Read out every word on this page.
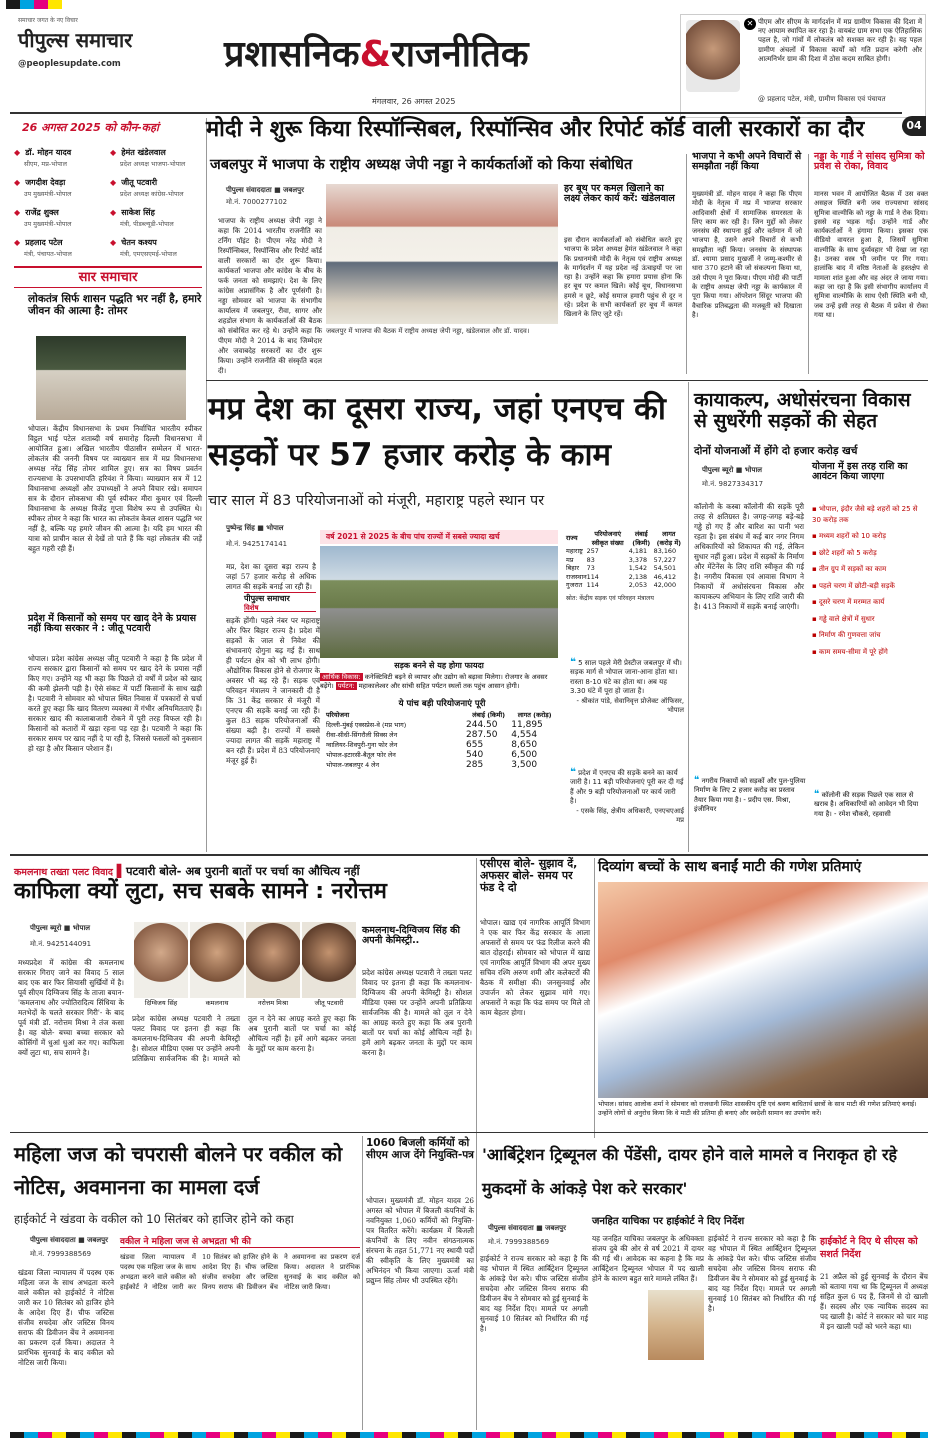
समाचार जगत के नए विचार
पीपुल्स समाचार
@peoplesupdate.com	प्रशासनिक&राजनीतिक
मंगलवार, 26 अगस्त 2025
✕ पीएम और सीएम के मार्गदर्शन में मप्र ग्रामीण विकास की दिशा में नए आयाम स्थापित कर रहा है। वायबंट ग्राम सभा एक ऐतिहासिक पहल है, जो गांवों में लोकतंत्र को सशक्त कर रही है। यह पहल ग्रामीण अंचलों में विकास कार्यों को गति प्रदान करेगी और आत्मनिर्भर ग्राम की दिशा में ठोस कदम साबित होगी।
@ प्रहलाद पटेल, मंत्री, ग्रामीण विकास एवं पंचायत
04
26 अगस्त 2025 को कौन-कहां
◆ डॉ. मोहन यादव
सीएम, मप्र-भोपाल
◆ हेमंत खंडेलवाल
प्रदेश अध्यक्ष भाजपा-भोपाल
◆ जगदीश देवड़ा
उप मुख्यमंत्री-भोपाल
◆ जीतू पटवारी
प्रदेश अध्यक्ष कांग्रेस-भोपाल
◆ राजेंद्र शुक्ल
उप मुख्यमंत्री-भोपाल
◆ साकेश सिंह
मंत्री, पीडब्ल्यूडी-भोपाल
◆ प्रहलाद पटेल
मंत्री, पंचायत-भोपाल
◆ चेतन कश्यप
मंत्री, एमएसएमई-भोपाल
सार समाचार
लोकतंत्र सिर्फ शासन पद्धति भर नहीं है, हमारे जीवन की आत्मा है: तोमर
भोपाल। केंद्रीय विधानसभा के प्रथम निर्वाचित भारतीय स्पीकर विट्ठल भाई पटेल शताब्दी वर्ष समारोह दिल्ली विधानसभा में आयोजित हुआ। अखिल भारतीय पीठासीन सम्मेलन में भारत-लोकतंत्र की जननी विषय पर व्याख्यान सत्र में मप्र विधानसभा अध्यक्ष नरेंद्र सिंह तोमर शामिल हुए। सत्र का विषय प्रवर्तन राज्यसभा के उपसभापति हरिवंश ने किया। व्याख्यान सत्र में 12 विधानसभा अध्यक्षों और उपाध्यक्षों ने अपने विचार रखे। समापन सत्र के दौरान लोकसभा की पूर्व स्पीकर मीरा कुमार एवं दिल्ली विधानसभा के अध्यक्ष विजेंद्र गुप्ता विशेष रूप से उपस्थित थे। स्पीकर तोमर ने कहा कि भारत का लोकतंत्र केवल शासन पद्धति भर नहीं है, बल्कि यह हमारे जीवन की आत्मा है। यदि हम भारत की यात्रा को प्राचीन काल से देखें तो पाते हैं कि यहां लोकतंत्र की जड़ें बहुत गहरी रही हैं।
प्रदेश में किसानों को समय पर खाद देने के प्रयास नहीं किया सरकार ने : जीतू पटवारी
भोपाल। प्रदेश कांग्रेस अध्यक्ष जीतू पटवारी ने कहा है कि प्रदेश में राज्य सरकार द्वारा किसानों को समय पर खाद देने के प्रयास नहीं किए गए। उन्होंने यह भी कहा कि पिछले दो वर्षों में प्रदेश को खाद की कमी झेलनी पड़ी है। ऐसे संकट में पार्टी किसानों के साथ खड़ी है। पटवारी ने सोमवार को भोपाल स्थित निवास में पत्रकारों से चर्चा करते हुए कहा कि खाद वितरण व्यवस्था में गंभीर अनियमितताएं हैं। सरकार खाद की कालाबाजारी रोकने में पूरी तरह विफल रही है। किसानों को कतारों में खड़ा रहना पड़ रहा है। पटवारी ने कहा कि सरकार समय पर खाद नहीं दे पा रही है, जिससे फसलों को नुकसान हो रहा है और किसान परेशान हैं।
मोदी ने शुरू किया रिस्पॉन्सिबल, रिस्पॉन्सिव और रिपोर्ट कॉर्ड वाली सरकारों का दौर
जबलपुर में भाजपा के राष्ट्रीय अध्यक्ष जेपी नड्डा ने कार्यकर्ताओं को किया संबोधित
पीपुल्स संवाददाता ■ जबलपुर
मो.नं. 7000277102
भाजपा के राष्ट्रीय अध्यक्ष जेपी नड्डा ने कहा कि 2014 भारतीय राजनीति का टर्निंग पॉइंट है। पीएम नरेंद्र मोदी ने रिस्पॉन्सिबल, रिस्पॉन्सिव और रिपोर्ट कॉर्ड वाली सरकारों का दौर शुरू किया। कार्यकर्ता भाजपा और कांग्रेस के बीच के फर्क जनता को समझाएं। देश के लिए कांग्रेस अप्रासंगिक है और पूर्णसंगी है। नड्डा सोमवार को भाजपा के संभागीय कार्यालय में जबलपुर, रीवा, सागर और शहडोल संभाग के कार्यकर्ताओं की बैठक को संबोधित कर रहे थे। उन्होंने कहा कि पीएम मोदी ने 2014 के बाद जिम्मेदार और जवाबदेह सरकारों का दौर शुरू किया। उन्होंने राजनीति की संस्कृति बदल दी।
जबलपुर में भाजपा की बैठक में राष्ट्रीय अध्यक्ष जेपी नड्डा, खंडेलवाल और डॉ. यादव।
हर बूथ पर कमल खिलाने का लक्ष्य लेकर कार्य करें: खंडेलवाल
इस दौरान कार्यकर्ताओं को संबोधित करते हुए भाजपा के प्रदेश अध्यक्ष हेमंत खंडेलवाल ने कहा कि प्रधानमंत्री मोदी के नेतृत्व एवं राष्ट्रीय अध्यक्ष के मार्गदर्शन में यह प्रदेश नई ऊंचाइयों पर जा रहा है। उन्होंने कहा कि हमारा प्रयास होना कि हर बूथ पर कमल खिले। कोई बूथ, विधानसभा हमसे न छूटे, कोई समाज हमारी पहुंच से दूर न रहे। प्रदेश के सभी कार्यकर्ता हर बूथ में कमल खिलाने के लिए जुटे रहें।
भाजपा ने कभी अपने विचारों से समझौता नहीं किया
मुख्यमंत्री डॉ. मोहन यादव ने कहा कि पीएम मोदी के नेतृत्व में मप्र में भाजपा सरकार आदिवासी क्षेत्रों में सामाजिक समरसता के लिए काम कर रही है। जिन मुद्दों को लेकर जनसंघ की स्थापना हुई और वर्तमान में जो भाजपा है, उसने अपने विचारों से कभी समझौता नहीं किया। जनसंघ के संस्थापक डॉ. श्यामा प्रसाद मुखर्जी ने जम्मू-कश्मीर से धारा 370 हटाने की जो संकल्पना किया था, उसे पीएम ने पूरा किया। पीएम मोदी की पार्टी के राष्ट्रीय अध्यक्ष जेपी नड्डा के कार्यकाल में पूरा किया गया। ऑपरेशन सिंदूर भाजपा की वैचारिक प्रतिबद्धता की मजबूती को दिखाता है।
नड्डा के गार्ड ने सांसद सुमित्रा को प्रवेश से रोका, विवाद
मानस भवन में आयोजित बैठक में उस वक्त असहज स्थिति बनी जब राज्यसभा सांसद सुमित्रा वाल्मीकि को नड्डा के गार्ड ने रोक दिया। इससे वह भड़क गईं। उन्होंने गार्ड और कार्यकर्ताओं ने हंगामा किया। इसका एक वीडियो वायरल हुआ है, जिसमें सुमित्रा वाल्मीकि के साथ दुर्व्यवहार भी देखा जा रहा है। उनका वस्त्र भी जमीन पर गिर गया। हालांकि बाद में वरिष्ठ नेताओं के हस्तक्षेप से मामला शांत हुआ और वह अंदर ले जाया गया। कहा जा रहा है कि इसी संभागीय कार्यालय में सुमित्रा वाल्मीकि के साथ ऐसी स्थिति बनी थी, जब उन्हें इसी तरह से बैठक में प्रवेश से रोका गया था।
मप्र देश का दूसरा राज्य, जहां एनएच की सड़कों पर 57 हजार करोड़ के काम
चार साल में 83 परियोजनाओं को मंजूरी, महाराष्ट्र पहले स्थान पर
पुष्पेन्द्र सिंह ■ भोपाल
मो.नं. 9425174141
वर्ष 2021 से 2025 के बीच पांच राज्यों में सबसे ज्यादा खर्च	राज्य	परियोजनाएं स्वीकृत संख्या	लंबाई (किमी)	लागत (करोड़ में)
महाराष्ट्र	257	4,181	83,160
मप्र	83	3,378	57,227
बिहार	73	1,542	54,501
राजस्थान	114	2,138	46,412
गुजरात	114	2,053	42,000
स्रोत: केंद्रीय सड़क एवं परिवहन मंत्रालय
सड़क बनने से यह होगा फायदा
आर्थिक विकास: कनेक्टिविटी बढ़ने से व्यापार और उद्योग को बढ़ावा मिलेगा। रोजगार के अवसर बढ़ेंगे। पर्यटन: महाकालेश्वर और सांची सहित पर्यटन स्थलों तक पहुंच आसान होगी।
ये पांच बड़ी परियोजनाएं पूरी
परियोजना	लंबाई (किमी)	लागत (करोड़)
दिल्ली-मुंबई एक्सप्रेस-वे (मप्र भाग)	244.50	11,895
रीवा-सीधी-सिंगरौली सिक्स लेन	287.50	4,554
ग्वालियर-शिवपुरी-गुना फोर लेन	655	8,650
भोपाल-इटारसी-बैतूल फोर लेन	540	6,500
भोपाल-जबलपुर 4 लेन	285	3,500
मप्र, देश का दूसरा बड़ा राज्य है जहां 57 हजार करोड़ से अधिक लागत की सड़कें बनाई जा रही हैं।
पीपुल्स समाचार
विशेष
सड़कें होंगी। पहले नंबर पर महाराष्ट्र और फिर बिहार राज्य है। प्रदेश में सड़कों के जाल से निवेश की संभावनाएं दोगुना बढ़ गई हैं। साथ ही पर्यटन क्षेत्र को भी लाभ होगी। औद्योगिक विकास होने से रोजगार के अवसर भी बढ़ रहे हैं। सड़क एवं परिवहन मंत्रालय ने जानकारी दी है कि 31 केंद्र सरकार से मंजूरी में एनएच की सड़कें बनाई जा रही हैं। कुल 83 सड़क परियोजनाओं की संख्या बढ़ी है। राज्यों में सबसे ज्यादा लागत की सड़कें महाराष्ट्र में बन रही हैं। प्रदेश में 83 परियोजनाएं मंजूर हुई हैं।
❝ 5 साल पहले मेरी प्रेस्टीज जबलपुर में थी। सड़क मार्ग से भोपाल जाना-आना होता था। रास्ता 8-10 घंटे का होता था। अब यह 3.30 घंटे में पूरा हो जाता है।
- श्रीकांत पांडे, सेवानिवृत्त प्रोजेक्ट ऑफिसर, भोपाल
❝ प्रदेश में एनएच की सड़कें बनने का कार्य जारी है। 11 बड़ी परियोजनाएं पूरी कर दी गई हैं और 9 बड़ी परियोजनाओं पर कार्य जारी है।
- एसके सिंह, क्षेत्रीय अधिकारी, एनएचएआई मप्र
कायाकल्प, अधोसंरचना विकास से सुधरेंगी सड़कों की सेहत
दोनों योजनाओं में होंगे दो हजार करोड़ खर्च
पीपुल्स ब्यूरो ■ भोपाल
मो.नं. 9827334317
योजना में इस तरह राशि का आवंटन किया जाएगा
कॉलोनी के कस्बा कॉलोनी की सड़कें पूरी तरह से क्षतिग्रस्त है। जगह-जगह बड़े-बड़े गड्ढे हो गए हैं और बारिश का पानी भरा रहता है। इस संबंध में कई बार नगर निगम अधिकारियों को शिकायत की गई, लेकिन सुधार नहीं हुआ। प्रदेश में सड़कों के निर्माण और मेंटेनेंस के लिए राशि स्वीकृत की गई है। नगरीय विकास एवं आवास विभाग ने निकायों में अधोसंरचना विकास और कायाकल्प अभियान के लिए राशि जारी की है। 413 निकायों में सड़कें बनाई जाएंगी।
▪ भोपाल, इंदौर जैसे बड़े शहरों को 25 से 30 करोड़ तक
▪ मध्यम शहरों को 10 करोड़
▪ छोटे शहरों को 5 करोड़
▪ तीन ग्रुप में सड़कों का काम
▪ पहले चरण में छोटी-बड़ी सड़कें
▪ दूसरे चरण में मरम्मत कार्य
▪ गड्ढे वाले क्षेत्रों में सुधार
▪ निर्माण की गुणवत्ता जांच
▪ काम समय-सीमा में पूरे होंगे
❝ नगरीय निकायों को सड़कों और पुल-पुलिया निर्माण के लिए 2 हजार करोड़ का प्रस्ताव तैयार किया गया है। - प्रदीप एस. मिश्रा, इंजीनियर
❝ कॉलोनी की सड़क पिछले एक साल से खराब है। अधिकारियों को आवेदन भी दिया गया है। - रमेश चौकसे, रहवासी
कमलनाथ तख्ता पलट विवाद ▌पटवारी बोले- अब पुरानी बातों पर चर्चा का औचित्य नहीं
काफिला क्यों लुटा, सच सबके सामने : नरोत्तम
पीपुल्स ब्यूरो ■ भोपाल
मो.नं. 9425144091
दिग्विजय सिंह	कमलनाथ	नरोत्तम मिश्रा	जीतू पटवारी
मध्यप्रदेश में कांग्रेस की कमलनाथ सरकार गिराए जाने का विवाद 5 साल बाद एक बार फिर सियासी सुर्खियों में है। पूर्व सीएम दिग्विजय सिंह के ताजा बयान-'कमलनाथ और ज्योतिरादित्य सिंधिया के मतभेदों के चलते सरकार गिरी'- के बाद पूर्व मंत्री डॉ. नरोत्तम मिश्रा ने तंज कसा है। वह बोले- बच्चा बच्चा सरकार को कोसिंगों में धुआं धुआं कर गए। काफिला क्यों लुटा था, सच सामने है।
प्रदेश कांग्रेस अध्यक्ष पटवारी ने तख्ता पलट विवाद पर इतना ही कहा कि कमलनाथ-दिग्विजय की अपनी केमिस्ट्री है। सोशल मीडिया एक्स पर उन्होंने अपनी प्रतिक्रिया सार्वजनिक की है। मामले को तूल न देने का आग्रह करते हुए कहा कि अब पुरानी बातों पर चर्चा का कोई औचित्य नहीं है। हमें आगे बढ़कर जनता के मुद्दों पर काम करना है।
कमलनाथ-दिग्विजय सिंह की अपनी केमिस्ट्री..
प्रदेश कांग्रेस अध्यक्ष पटवारी ने तख्ता पलट विवाद पर इतना ही कहा कि कमलनाथ-दिग्विजय की अपनी केमिस्ट्री है। सोशल मीडिया एक्स पर उन्होंने अपनी प्रतिक्रिया सार्वजनिक की है। मामले को तूल न देने का आग्रह करते हुए कहा कि अब पुरानी बातों पर चर्चा का कोई औचित्य नहीं है। हमें आगे बढ़कर जनता के मुद्दों पर काम करना है।
एसीएस बोले- सुझाव दें, अफसर बोले- समय पर फंड दे दो
भोपाल। खाद्य एवं नागरिक आपूर्ति विभाग ने एक बार फिर केंद्र सरकार के आला अफसरों से समय पर फंड रिलीज करने की बात दोहराई। सोमवार को भोपाल में खाद्य एवं नागरिक आपूर्ति विभाग की अपर मुख्य सचिव रश्मि अरुण शमी और कलेक्टरों की बैठक में समीक्षा की। जनसुनवाई और उपार्जन को लेकर सुझाव मांगे गए। अफसरों ने कहा कि फंड समय पर मिले तो काम बेहतर होगा।
दिव्यांग बच्चों के साथ बनाईं माटी की गणेश प्रतिमाएं
भोपाल। सांसद आलोक शर्मा ने सोमवार को राजधानी स्थित शासकीय दृष्टि एवं श्रवण बाधितार्थ छात्रों के साथ माटी की गणेश प्रतिमाएं बनाई। उन्होंने लोगों से अनुरोध किया कि वे माटी की प्रतिमा ही बनाएं और स्वदेशी सामान का उपयोग करें।
महिला जज को चपरासी बोलने पर वकील को नोटिस, अवमानना का मामला दर्ज
हाईकोर्ट ने खंडवा के वकील को 10 सितंबर को हाजिर होने को कहा
पीपुल्स संवाददाता ■ जबलपुर
मो.नं. 7999388569
खंडवा जिला न्यायालय में पदस्थ एक महिला जज के साथ अभद्रता करने वाले वकील को हाईकोर्ट ने नोटिस जारी कर 10 सितंबर को हाजिर होने के आदेश दिए हैं। चीफ जस्टिस संजीव सचदेवा और जस्टिस विनय सराफ की डिवीजन बेंच ने अवमानना का प्रकरण दर्ज किया। अदालत ने प्रारंभिक सुनवाई के बाद वकील को नोटिस जारी किया।
वकील ने महिला जज से अभद्रता भी की
खंडवा जिला न्यायालय में पदस्थ एक महिला जज के साथ अभद्रता करने वाले वकील को हाईकोर्ट ने नोटिस जारी कर 10 सितंबर को हाजिर होने के आदेश दिए हैं। चीफ जस्टिस संजीव सचदेवा और जस्टिस विनय सराफ की डिवीजन बेंच ने अवमानना का प्रकरण दर्ज किया। अदालत ने प्रारंभिक सुनवाई के बाद वकील को नोटिस जारी किया।
1060 बिजली कर्मियों को सीएम आज देंगे नियुक्ति-पत्र
भोपाल। मुख्यमंत्री डॉ. मोहन यादव 26 अगस्त को भोपाल में बिजली कंपनियों के नवनियुक्त 1,060 कर्मियों को नियुक्ति-पत्र वितरित करेंगे। कार्यक्रम में बिजली कंपनियों के लिए नवीन संगठनात्मक संरचना के तहत 51,771 नए स्थायी पदों की स्वीकृति के लिए मुख्यमंत्री का अभिनंदन भी किया जाएगा। ऊर्जा मंत्री प्रद्युम्न सिंह तोमर भी उपस्थित रहेंगे।
'आर्बिट्रेशन ट्रिब्यूनल की पेंडेंसी, दायर होने वाले मामले व निराकृत हो रहे मुकदमों के आंकड़े पेश करे सरकार'
जनहित याचिका पर हाईकोर्ट ने दिए निर्देश
पीपुल्स संवाददाता ■ जबलपुर
मो.नं. 7999388569
हाईकोर्ट ने राज्य सरकार को कहा है कि वह भोपाल में स्थित आर्बिट्रेशन ट्रिब्यूनल के आंकड़े पेश करे। चीफ जस्टिस संजीव सचदेवा और जस्टिस विनय सराफ की डिवीजन बेंच ने सोमवार को हुई सुनवाई के बाद यह निर्देश दिए। मामले पर अगली सुनवाई 10 सितंबर को निर्धारित की गई है।
यह जनहित याचिका जबलपुर के अधिवक्ता संजय दुबे की ओर से वर्ष 2021 में दायर की गई थी। आवेदक का कहना है कि मप्र आर्बिट्रेशन ट्रिब्यूनल भोपाल में पद खाली होने के कारण बहुत सारे मामले लंबित हैं।
हाईकोर्ट ने राज्य सरकार को कहा है कि वह भोपाल में स्थित आर्बिट्रेशन ट्रिब्यूनल के आंकड़े पेश करे। चीफ जस्टिस संजीव सचदेवा और जस्टिस विनय सराफ की डिवीजन बेंच ने सोमवार को हुई सुनवाई के बाद यह निर्देश दिए। मामले पर अगली सुनवाई 10 सितंबर को निर्धारित की गई है।
हाईकोर्ट ने दिए थे सीएस को सशर्त निर्देश
21 अप्रैल को हुई सुनवाई के दौरान बेंच को बताया गया था कि ट्रिब्यूनल में अध्यक्ष सहित कुल 6 पद हैं, जिनमें से दो खाली हैं। सदस्य और एक न्यायिक सदस्य का पद खाली है। कोर्ट ने सरकार को चार माह में इन खाली पदों को भरने कहा था।
